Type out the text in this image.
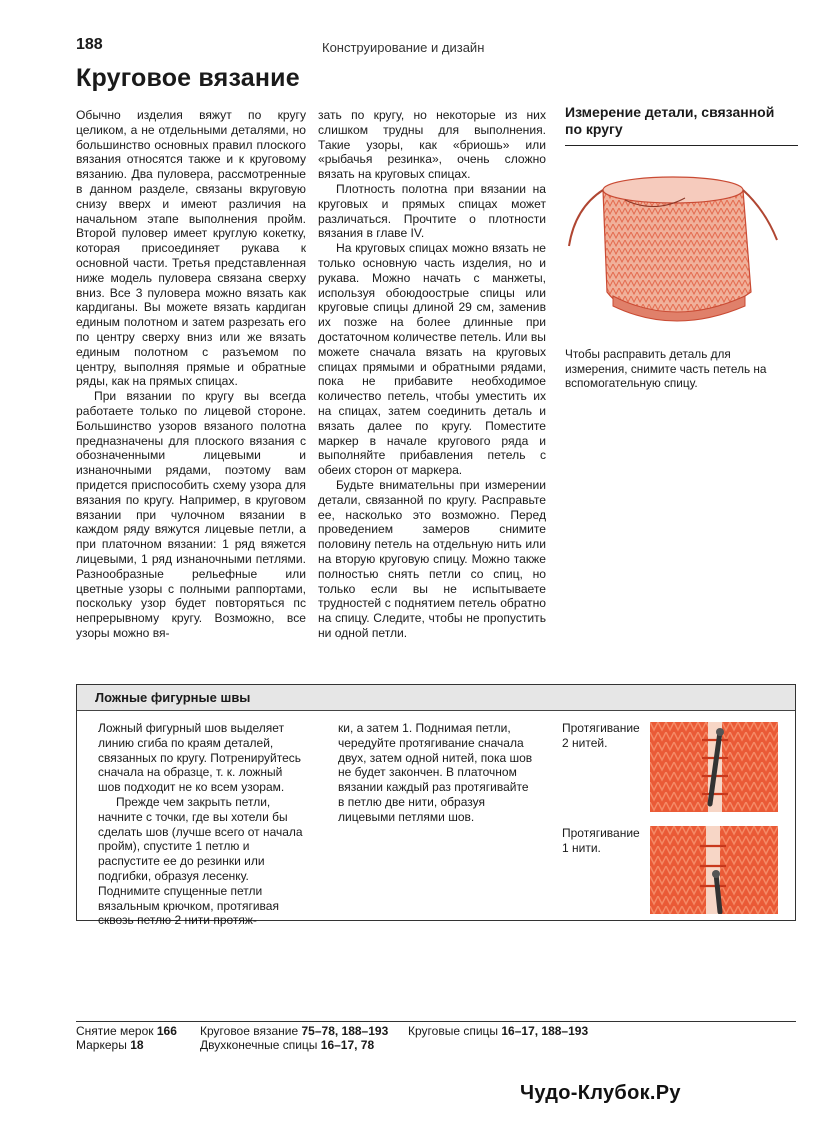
188	Конструирование и дизайн
Круговое вязание

Обычно изделия вяжут по кругу целиком, а не отдельными деталями, но большинство основных правил плоского вязания относятся также и к круговому вязанию. Два пуловера, рассмотренные в данном разделе, связаны вкруговую снизу вверх и имеют различия на начальном этапе выполнения пройм. Второй пуловер имеет круглую кокетку, которая присоединяет рукава к основной части. Третья представленная ниже модель пуловера связана сверху вниз. Все 3 пуловера можно вязать как кардиганы. Вы можете вязать кардиган единым полотном и затем разрезать его по центру сверху вниз или же вязать единым полотном с разъемом по центру, выполняя прямые и обратные ряды, как на прямых спицах.

При вязании по кругу вы всегда работаете только по лицевой стороне. Большинство узоров вязаного полотна предназначены для плоского вязания с обозначенными лицевыми и изнаночными рядами, поэтому вам придется приспособить схему узора для вязания по кругу. Например, в круговом вязании при чулочном вязании в каждом ряду вяжутся лицевые петли, а при платочном вязании: 1 ряд вяжется лицевыми, 1 ряд изнаночными петлями. Разнообразные рельефные или цветные узоры с полными раппортами, поскольку узор будет повторяться пс непрерывному кругу. Возможно, все узоры можно вя-

зать по кругу, но некоторые из них слишком трудны для выполнения. Такие узоры, как «бриошь» или «рыбачья резинка», очень сложно вязать на круговых спицах.

Плотность полотна при вязании на круговых и прямых спицах может различаться. Прочтите о плотности вязания в главе IV.

На круговых спицах можно вязать не только основную часть изделия, но и рукава. Можно начать с манжеты, используя обоюдоострые спицы или круговые спицы длиной 29 см, заменив их позже на более длинные при достаточном количестве петель. Или вы можете сначала вязать на круговых спицах прямыми и обратными рядами, пока не прибавите необходимое количество петель, чтобы уместить их на спицах, затем соединить деталь и вязать далее по кругу. Поместите маркер в начале кругового ряда и выполняйте прибавления петель с обеих сторон от маркера.

Будьте внимательны при измерении детали, связанной по кругу. Расправьте ее, насколько это возможно. Перед проведением замеров снимите половину петель на отдельную нить или на вторую круговую спицу. Можно также полностью снять петли со спиц, но только если вы не испытываете трудностей с поднятием петель обратно на спицу. Следите, чтобы не пропустить ни одной петли.

Измерение детали, связанной по кругу
Чтобы расправить деталь для измерения, снимите часть петель на вспомогательную спицу.
Ложные фигурные швы

Ложный фигурный шов выделяет линию сгиба по краям деталей, связанных по кругу. Потренируйтесь сначала на образце, т. к. ложный шов подходит не ко всем узорам.

Прежде чем закрыть петли, начните с точки, где вы хотели бы сделать шов (лучше всего от начала пройм), спустите 1 петлю и распустите ее до резинки или подгибки, образуя лесенку. Поднимите спущенные петли вязальным крючком, протягивая сквозь петлю 2 нити протяж-

ки, а затем 1. Поднимая петли, чередуйте протягивание сначала двух, затем одной нитей, пока шов не будет закончен. В платочном вязании каждый раз протягивайте в петлю две нити, образуя лицевыми петлями шов.

Протягивание 2 нитей.
Протягивание 1 нити.
Снятие мерок 166
Маркеры 18
Круговое вязание 75–78, 188–193
Двухконечные спицы 16–17, 78
Круговые спицы 16–17, 188–193
Чудо-Клубок.Ру
